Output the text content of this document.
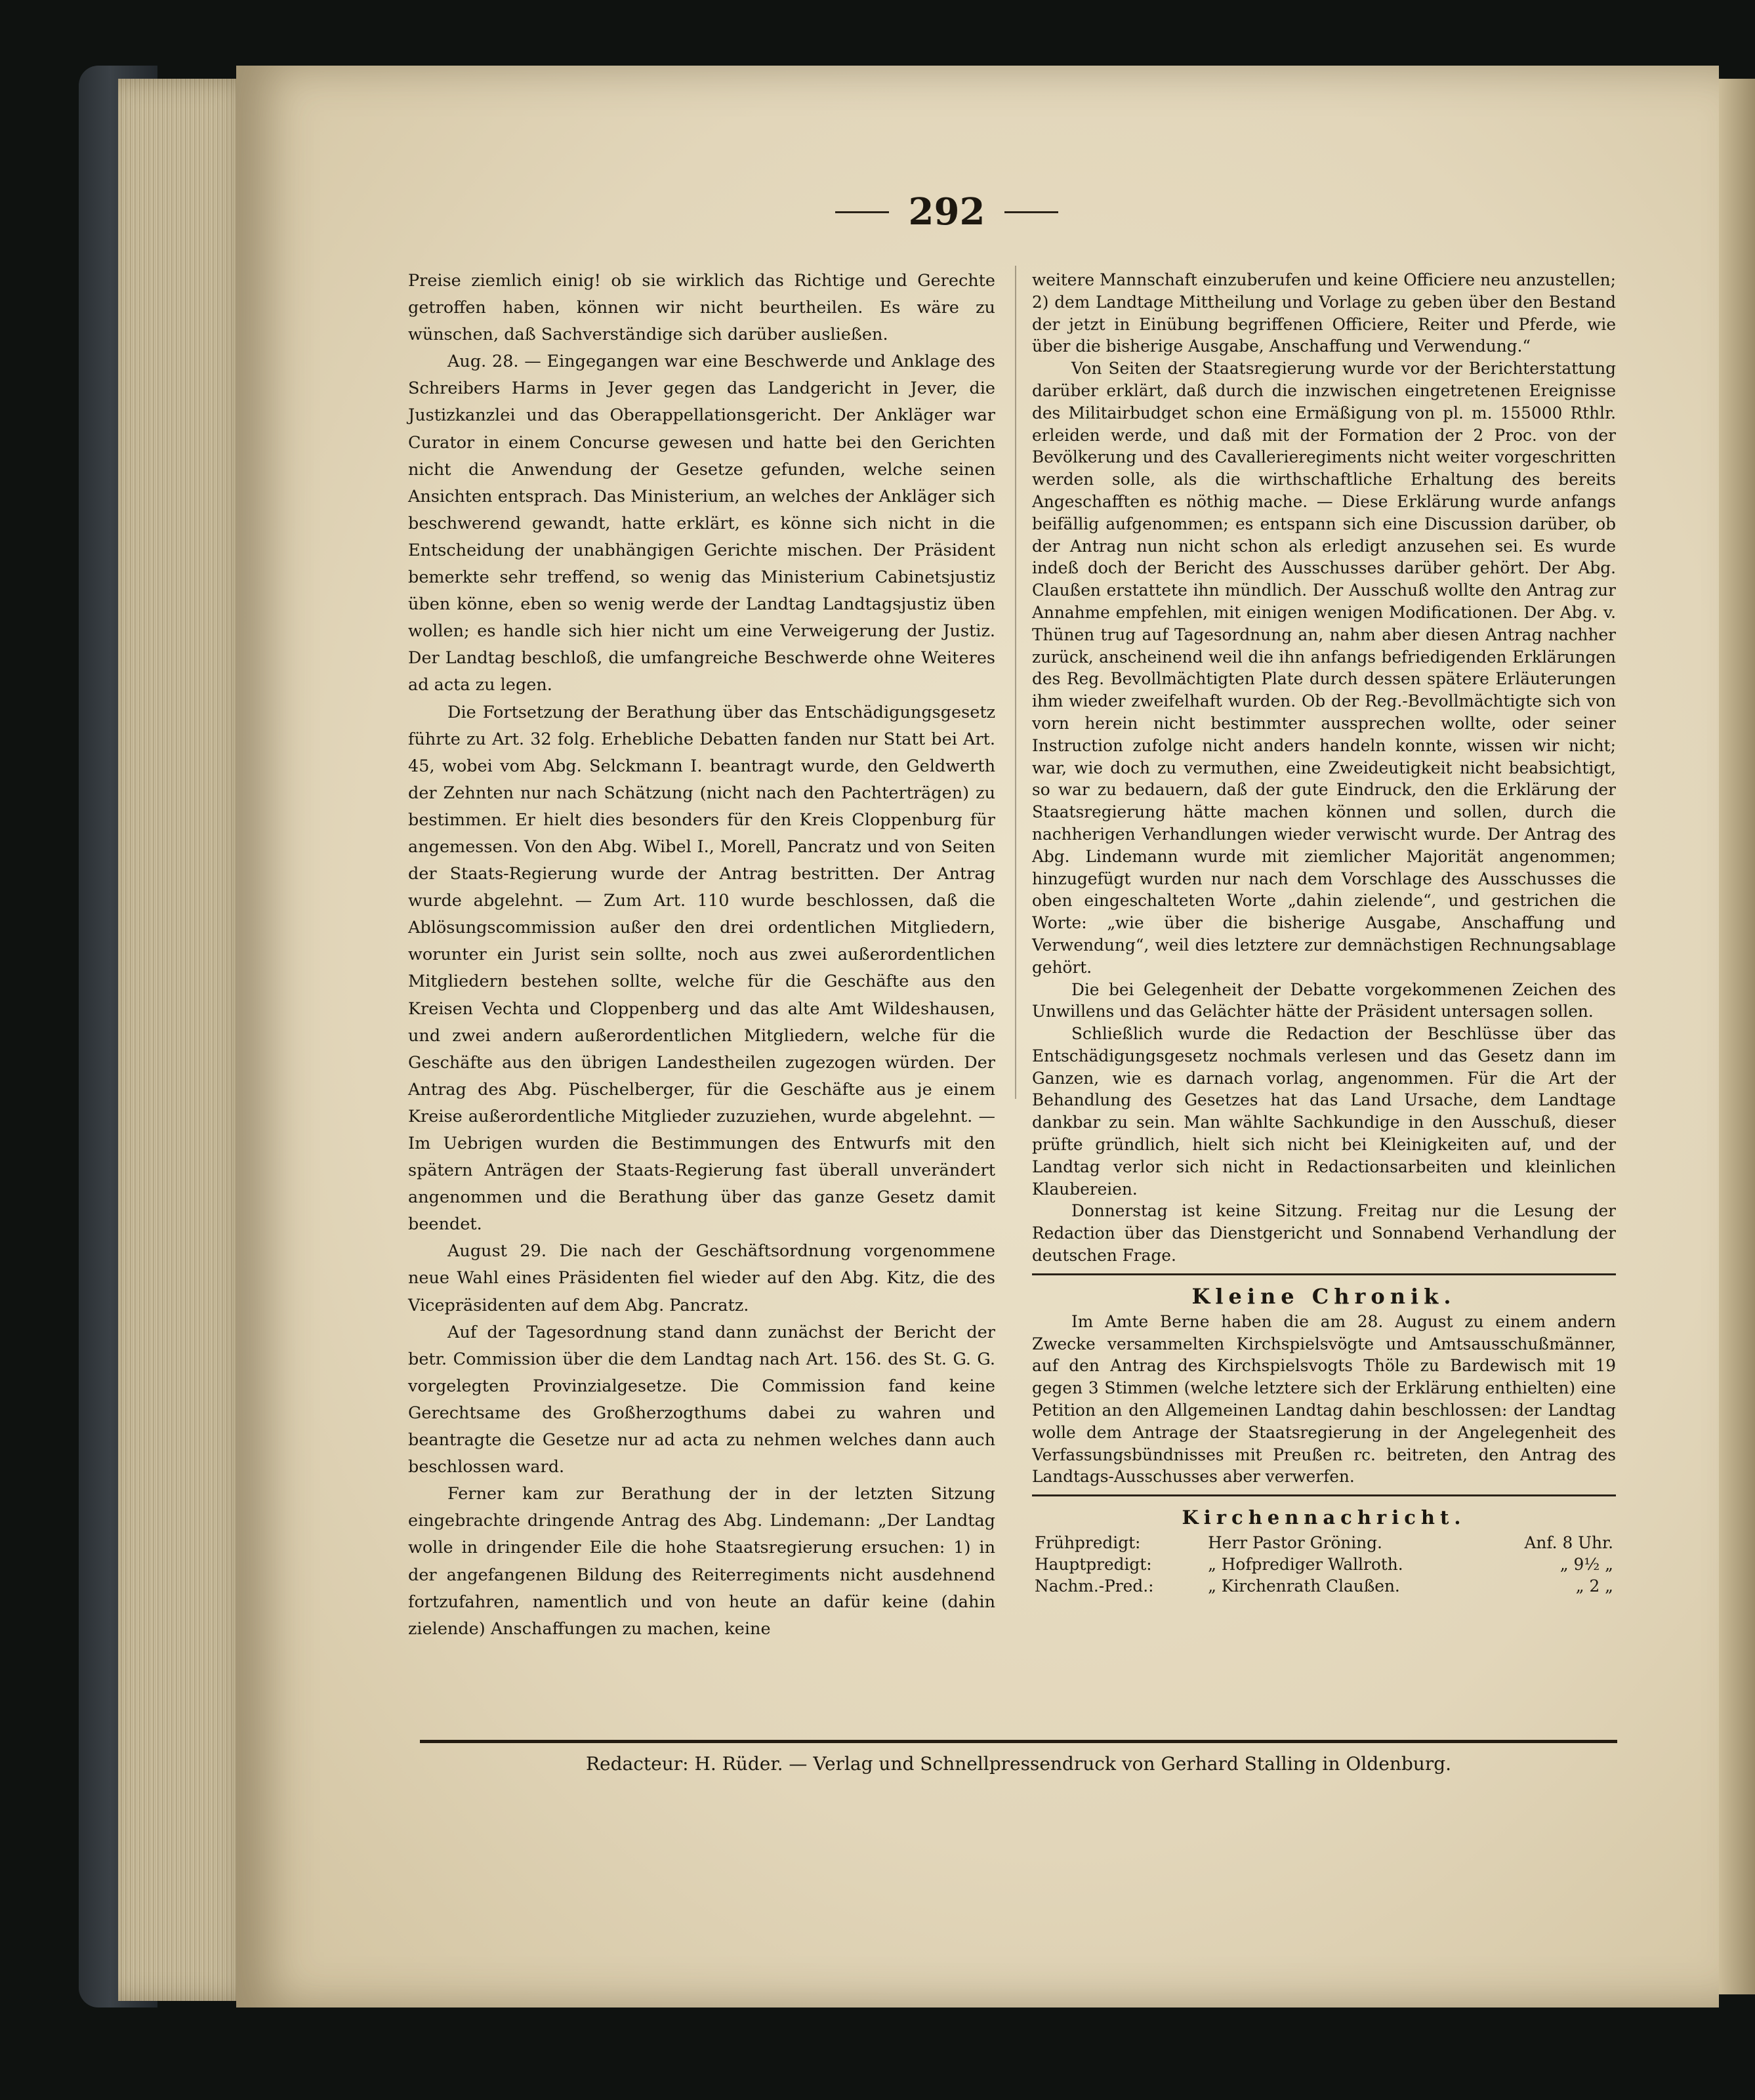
292

Preise ziemlich einig! ob sie wirklich das Richtige und Gerechte getroffen haben, können wir nicht beurtheilen. Es wäre zu wünschen, daß Sachverständige sich darüber ausließen.

Aug. 28. — Eingegangen war eine Beschwerde und Anklage des Schreibers Harms in Jever gegen das Landgericht in Jever, die Justizkanzlei und das Oberappellationsgericht. Der Ankläger war Curator in einem Concurse gewesen und hatte bei den Gerichten nicht die Anwendung der Gesetze gefunden, welche seinen Ansichten entsprach. Das Ministerium, an welches der Ankläger sich beschwerend gewandt, hatte erklärt, es könne sich nicht in die Entscheidung der unabhängigen Gerichte mischen. Der Präsident bemerkte sehr treffend, so wenig das Ministerium Cabinetsjustiz üben könne, eben so wenig werde der Landtag Landtagsjustiz üben wollen; es handle sich hier nicht um eine Verweigerung der Justiz. Der Landtag beschloß, die umfangreiche Beschwerde ohne Weiteres ad acta zu legen.

Die Fortsetzung der Berathung über das Entschädigungsgesetz führte zu Art. 32 folg. Erhebliche Debatten fanden nur Statt bei Art. 45, wobei vom Abg. Selckmann I. beantragt wurde, den Geldwerth der Zehnten nur nach Schätzung (nicht nach den Pachterträgen) zu bestimmen. Er hielt dies besonders für den Kreis Cloppenburg für angemessen. Von den Abg. Wibel I., Morell, Pancratz und von Seiten der Staats-Regierung wurde der Antrag bestritten. Der Antrag wurde abgelehnt. — Zum Art. 110 wurde beschlossen, daß die Ablösungscommission außer den drei ordentlichen Mitgliedern, worunter ein Jurist sein sollte, noch aus zwei außerordentlichen Mitgliedern bestehen sollte, welche für die Geschäfte aus den Kreisen Vechta und Cloppenberg und das alte Amt Wildeshausen, und zwei andern außerordentlichen Mitgliedern, welche für die Geschäfte aus den übrigen Landestheilen zugezogen würden. Der Antrag des Abg. Püschelberger, für die Geschäfte aus je einem Kreise außerordentliche Mitglieder zuzuziehen, wurde abgelehnt. — Im Uebrigen wurden die Bestimmungen des Entwurfs mit den spätern Anträgen der Staats-Regierung fast überall unverändert angenommen und die Berathung über das ganze Gesetz damit beendet.

August 29. Die nach der Geschäftsordnung vorgenommene neue Wahl eines Präsidenten fiel wieder auf den Abg. Kitz, die des Vicepräsidenten auf dem Abg. Pancratz.

Auf der Tagesordnung stand dann zunächst der Bericht der betr. Commission über die dem Landtag nach Art. 156. des St. G. G. vorgelegten Provinzialgesetze. Die Commission fand keine Gerechtsame des Großherzogthums dabei zu wahren und beantragte die Gesetze nur ad acta zu nehmen welches dann auch beschlossen ward.

Ferner kam zur Berathung der in der letzten Sitzung eingebrachte dringende Antrag des Abg. Lindemann: „Der Landtag wolle in dringender Eile die hohe Staatsregierung ersuchen: 1) in der angefangenen Bildung des Reiterregiments nicht ausdehnend fortzufahren, namentlich und von heute an dafür keine (dahin zielende) Anschaffungen zu machen, keine

weitere Mannschaft einzuberufen und keine Officiere neu anzustellen; 2) dem Landtage Mittheilung und Vorlage zu geben über den Bestand der jetzt in Einübung begriffenen Officiere, Reiter und Pferde, wie über die bisherige Ausgabe, Anschaffung und Verwendung.“

Von Seiten der Staatsregierung wurde vor der Berichterstattung darüber erklärt, daß durch die inzwischen eingetretenen Ereignisse des Militairbudget schon eine Ermäßigung von pl. m. 155000 Rthlr. erleiden werde, und daß mit der Formation der 2 Proc. von der Bevölkerung und des Cavallerieregiments nicht weiter vorgeschritten werden solle, als die wirthschaftliche Erhaltung des bereits Angeschafften es nöthig mache. — Diese Erklärung wurde anfangs beifällig aufgenommen; es entspann sich eine Discussion darüber, ob der Antrag nun nicht schon als erledigt anzusehen sei. Es wurde indeß doch der Bericht des Ausschusses darüber gehört. Der Abg. Claußen erstattete ihn mündlich. Der Ausschuß wollte den Antrag zur Annahme empfehlen, mit einigen wenigen Modificationen. Der Abg. v. Thünen trug auf Tagesordnung an, nahm aber diesen Antrag nachher zurück, anscheinend weil die ihn anfangs befriedigenden Erklärungen des Reg. Bevollmächtigten Plate durch dessen spätere Erläuterungen ihm wieder zweifelhaft wurden. Ob der Reg.-Bevollmächtigte sich von vorn herein nicht bestimmter aussprechen wollte, oder seiner Instruction zufolge nicht anders handeln konnte, wissen wir nicht; war, wie doch zu vermuthen, eine Zweideutigkeit nicht beabsichtigt, so war zu bedauern, daß der gute Eindruck, den die Erklärung der Staatsregierung hätte machen können und sollen, durch die nachherigen Verhandlungen wieder verwischt wurde. Der Antrag des Abg. Lindemann wurde mit ziemlicher Majorität angenommen; hinzugefügt wurden nur nach dem Vorschlage des Ausschusses die oben eingeschalteten Worte „dahin zielende“, und gestrichen die Worte: „wie über die bisherige Ausgabe, Anschaffung und Verwendung“, weil dies letztere zur demnächstigen Rechnungsablage gehört.

Die bei Gelegenheit der Debatte vorgekommenen Zeichen des Unwillens und das Gelächter hätte der Präsident untersagen sollen.

Schließlich wurde die Redaction der Beschlüsse über das Entschädigungsgesetz nochmals verlesen und das Gesetz dann im Ganzen, wie es darnach vorlag, angenommen. Für die Art der Behandlung des Gesetzes hat das Land Ursache, dem Landtage dankbar zu sein. Man wählte Sachkundige in den Ausschuß, dieser prüfte gründlich, hielt sich nicht bei Kleinigkeiten auf, und der Landtag verlor sich nicht in Redactionsarbeiten und kleinlichen Klaubereien.

Donnerstag ist keine Sitzung. Freitag nur die Lesung der Redaction über das Dienstgericht und Sonnabend Verhandlung der deutschen Frage.

Kleine Chronik.

Im Amte Berne haben die am 28. August zu einem andern Zwecke versammelten Kirchspielsvögte und Amtsausschußmänner, auf den Antrag des Kirchspielsvogts Thöle zu Bardewisch mit 19 gegen 3 Stimmen (welche letztere sich der Erklärung enthielten) eine Petition an den Allgemeinen Landtag dahin beschlossen: der Landtag wolle dem Antrage der Staatsregierung in der Angelegenheit des Verfassungsbündnisses mit Preußen rc. beitreten, den Antrag des Landtags-Ausschusses aber verwerfen.

Kirchennachricht.

Frühpredigt:	Herr Pastor Gröning.	Anf. 8 Uhr.
Hauptpredigt:	„ Hofprediger Wallroth.	„ 9½ „
Nachm.-Pred.:	„ Kirchenrath Claußen.	„ 2 „
Redacteur: H. Rüder. — Verlag und Schnellpressendruck von Gerhard Stalling in Oldenburg.
